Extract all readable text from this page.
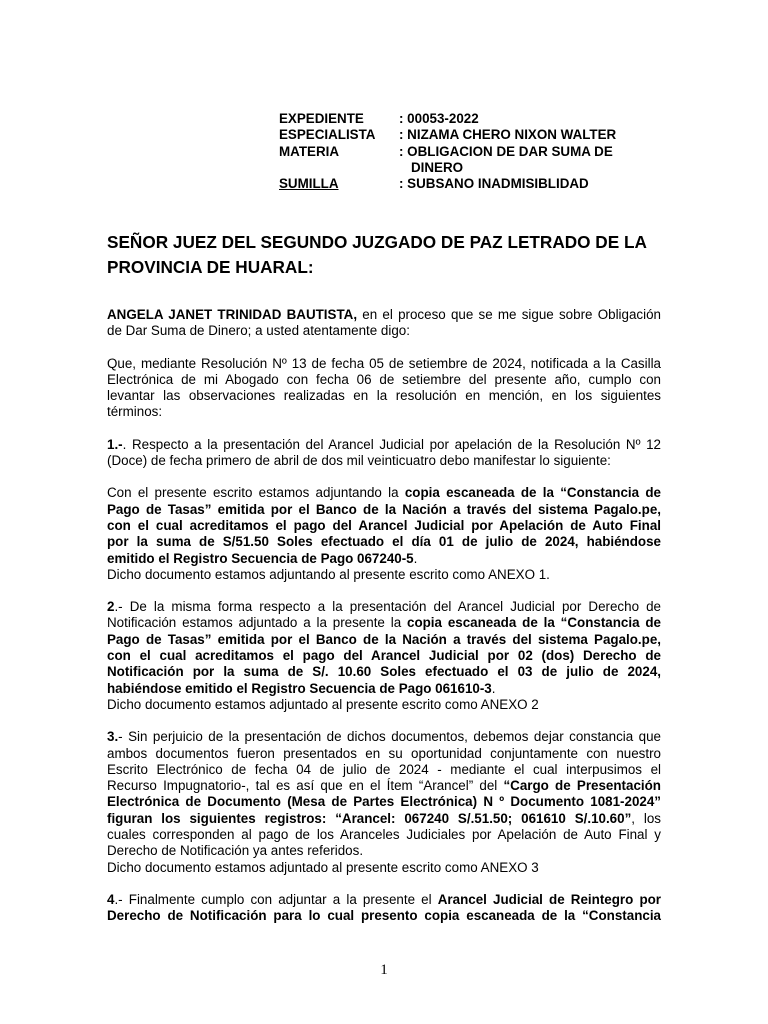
EXPEDIENTE	: 00053-2022
ESPECIALISTA	: NIZAMA CHERO NIXON WALTER
MATERIA	: OBLIGACION DE DAR SUMA DE
DINERO
SUMILLA	: SUBSANO INADMISIBLIDAD
SEÑOR JUEZ DEL SEGUNDO JUZGADO DE PAZ LETRADO DE LA
PROVINCIA DE HUARAL:

ANGELA JANET TRINIDAD BAUTISTA, en el proceso que se me sigue sobre Obligación
de Dar Suma de Dinero; a usted atentamente digo:

Que, mediante Resolución Nº 13 de fecha 05 de setiembre de 2024, notificada a la Casilla
Electrónica de mi Abogado con fecha 06 de setiembre del presente año, cumplo con
levantar las observaciones realizadas en la resolución en mención, en los siguientes
términos:

1.-. Respecto a la presentación del Arancel Judicial por apelación de la Resolución Nº 12
(Doce) de fecha primero de abril de dos mil veinticuatro debo manifestar lo siguiente:

Con el presente escrito estamos adjuntando la copia escaneada de la “Constancia de
Pago de Tasas” emitida por el Banco de la Nación a través del sistema Pagalo.pe,
con el cual acreditamos el pago del Arancel Judicial por Apelación de Auto Final
por la suma de S/51.50 Soles efectuado el día 01 de julio de 2024, habiéndose
emitido el Registro Secuencia de Pago 067240-5.
Dicho documento estamos adjuntando al presente escrito como ANEXO 1.

2.- De la misma forma respecto a la presentación del Arancel Judicial por Derecho de
Notificación estamos adjuntado a la presente la copia escaneada de la “Constancia de
Pago de Tasas” emitida por el Banco de la Nación a través del sistema Pagalo.pe,
con el cual acreditamos el pago del Arancel Judicial por 02 (dos) Derecho de
Notificación por la suma de S/. 10.60 Soles efectuado el 03 de julio de 2024,
habiéndose emitido el Registro Secuencia de Pago 061610-3.
Dicho documento estamos adjuntado al presente escrito como ANEXO 2

3.- Sin perjuicio de la presentación de dichos documentos, debemos dejar constancia que
ambos documentos fueron presentados en su oportunidad conjuntamente con nuestro
Escrito Electrónico de fecha 04 de julio de 2024 - mediante el cual interpusimos el
Recurso Impugnatorio-, tal es así que en el Ítem “Arancel” del “Cargo de Presentación
Electrónica de Documento (Mesa de Partes Electrónica) N º Documento 1081-2024”
figuran los siguientes registros: “Arancel: 067240 S/.51.50; 061610 S/.10.60”, los
cuales corresponden al pago de los Aranceles Judiciales por Apelación de Auto Final y
Derecho de Notificación ya antes referidos.
Dicho documento estamos adjuntado al presente escrito como ANEXO 3

4.- Finalmente cumplo con adjuntar a la presente el Arancel Judicial de Reintegro por
Derecho de Notificación para lo cual presento copia escaneada de la “Constancia

1
